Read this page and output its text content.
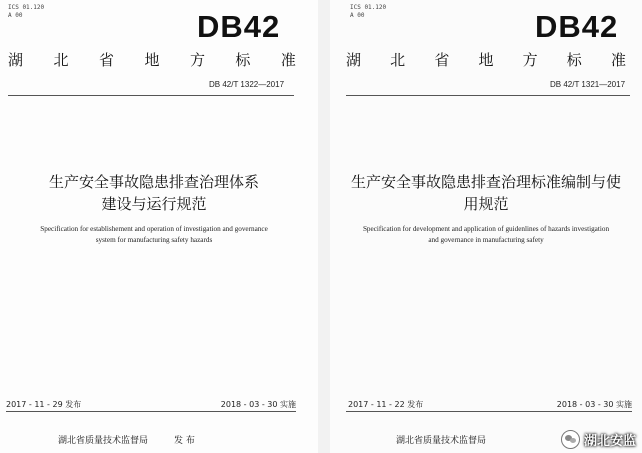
ICS 01.120
A 00	DB42
湖 北 省 地 方 标 准
DB 42/T 1322—2017
生产安全事故隐患排查治理体系
建设与运行规范
Specification for establishement and operation of investigation and governance
system for manufacturing safety hazards
2017 - 11 - 29 发布	2018 - 03 - 30 实施
湖北省质量技术监督局	发 布
ICS 01.120
A 00	DB42
湖 北 省 地 方 标 准
DB 42/T 1321—2017
生产安全事故隐患排查治理标准编制与使
用规范
Specification for development and application of guidenlines of hazards investigation
and governance in manufacturing safety
2017 - 11 - 22 发布	2018 - 03 - 30 实施
湖北省质量技术监督局	湖北安监
